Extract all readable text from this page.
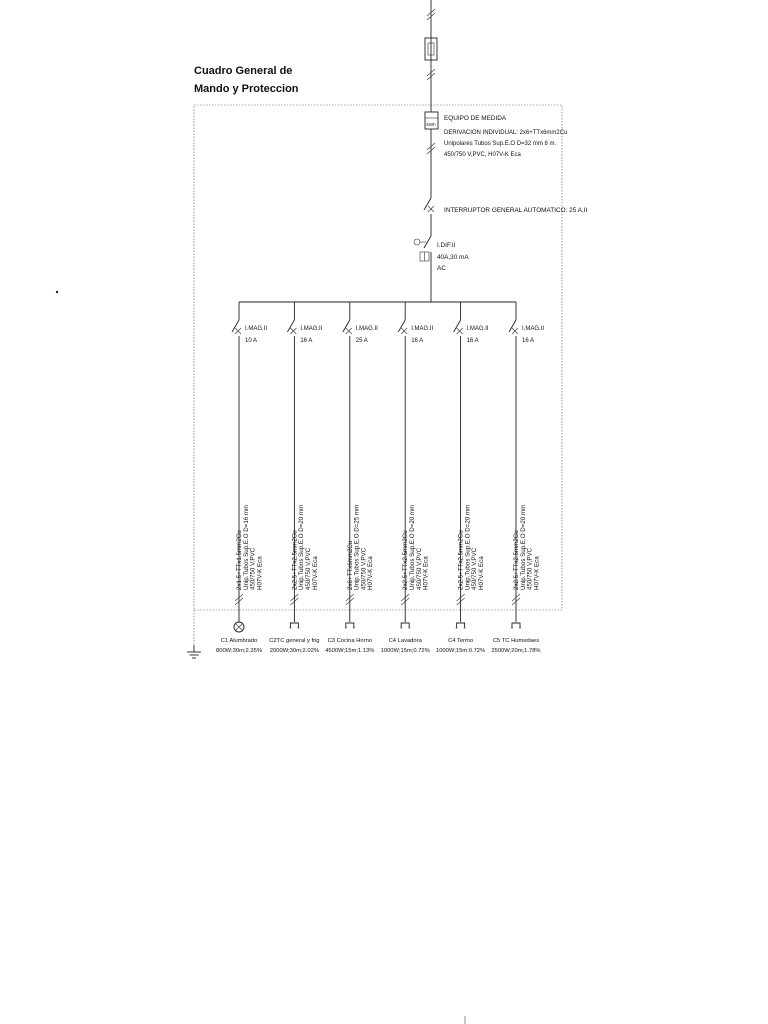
Cuadro General de
Mando y Proteccion
kWh
EQUIPO DE MEDIDA
DERIVACION INDIVIDUAL: 2x6+TTx6mm2Cu
Unipolares Tubos Sup.E.O D=32 mm 8 m.
450/750 V,PVC, H07V-K Eca
INTERRUPTOR GENERAL AUTOMATICO: 25 A,II
I.DIF.II
40A,30 mA
AC
I.MAG.II
10 A
2x1.5+TTx1.5mm2Cu Unip.Tubos Sup.E.O D=16 mm 450/750 V,PVC H07V-K Eca
C1 Alumbrado
800W;30m;2.35%
I.MAG.II
16 A
2x2.5+TTx2.5mm2Cu Unip.Tubos Sup.E.O D=20 mm 450/750 V,PVC H07V-K Eca
C2TC general y frig
2000W;30m;2.02%
I.MAG.II
25 A
2x6+TTx6mm2Cu Unip.Tubos Sup.E.O D=25 mm 450/750 V,PVC H07V-K Eca
C3 Cocina Horno
4500W;15m;1.13%
I.MAG.II
16 A
2x2.5+TTx2.5mm2Cu Unip.Tubos Sup.E.O D=20 mm 450/750 V,PVC H07V-K Eca
C4 Lavadora
1000W;15m;0.72%
I.MAG.II
16 A
2x2.5+TTx2.5mm2Cu Unip.Tubos Sup.E.O D=20 mm 450/750 V,PVC H07V-K Eca
C4 Termo
1000W;15m;0.72%
I.MAG.II
16 A
2x2.5+TTx2.5mm2Cu Unip.Tubos Sup.E.O D=20 mm 450/750 V,PVC H07V-K Eca
C5 TC Humedaes
2500W;20m;1.78%
